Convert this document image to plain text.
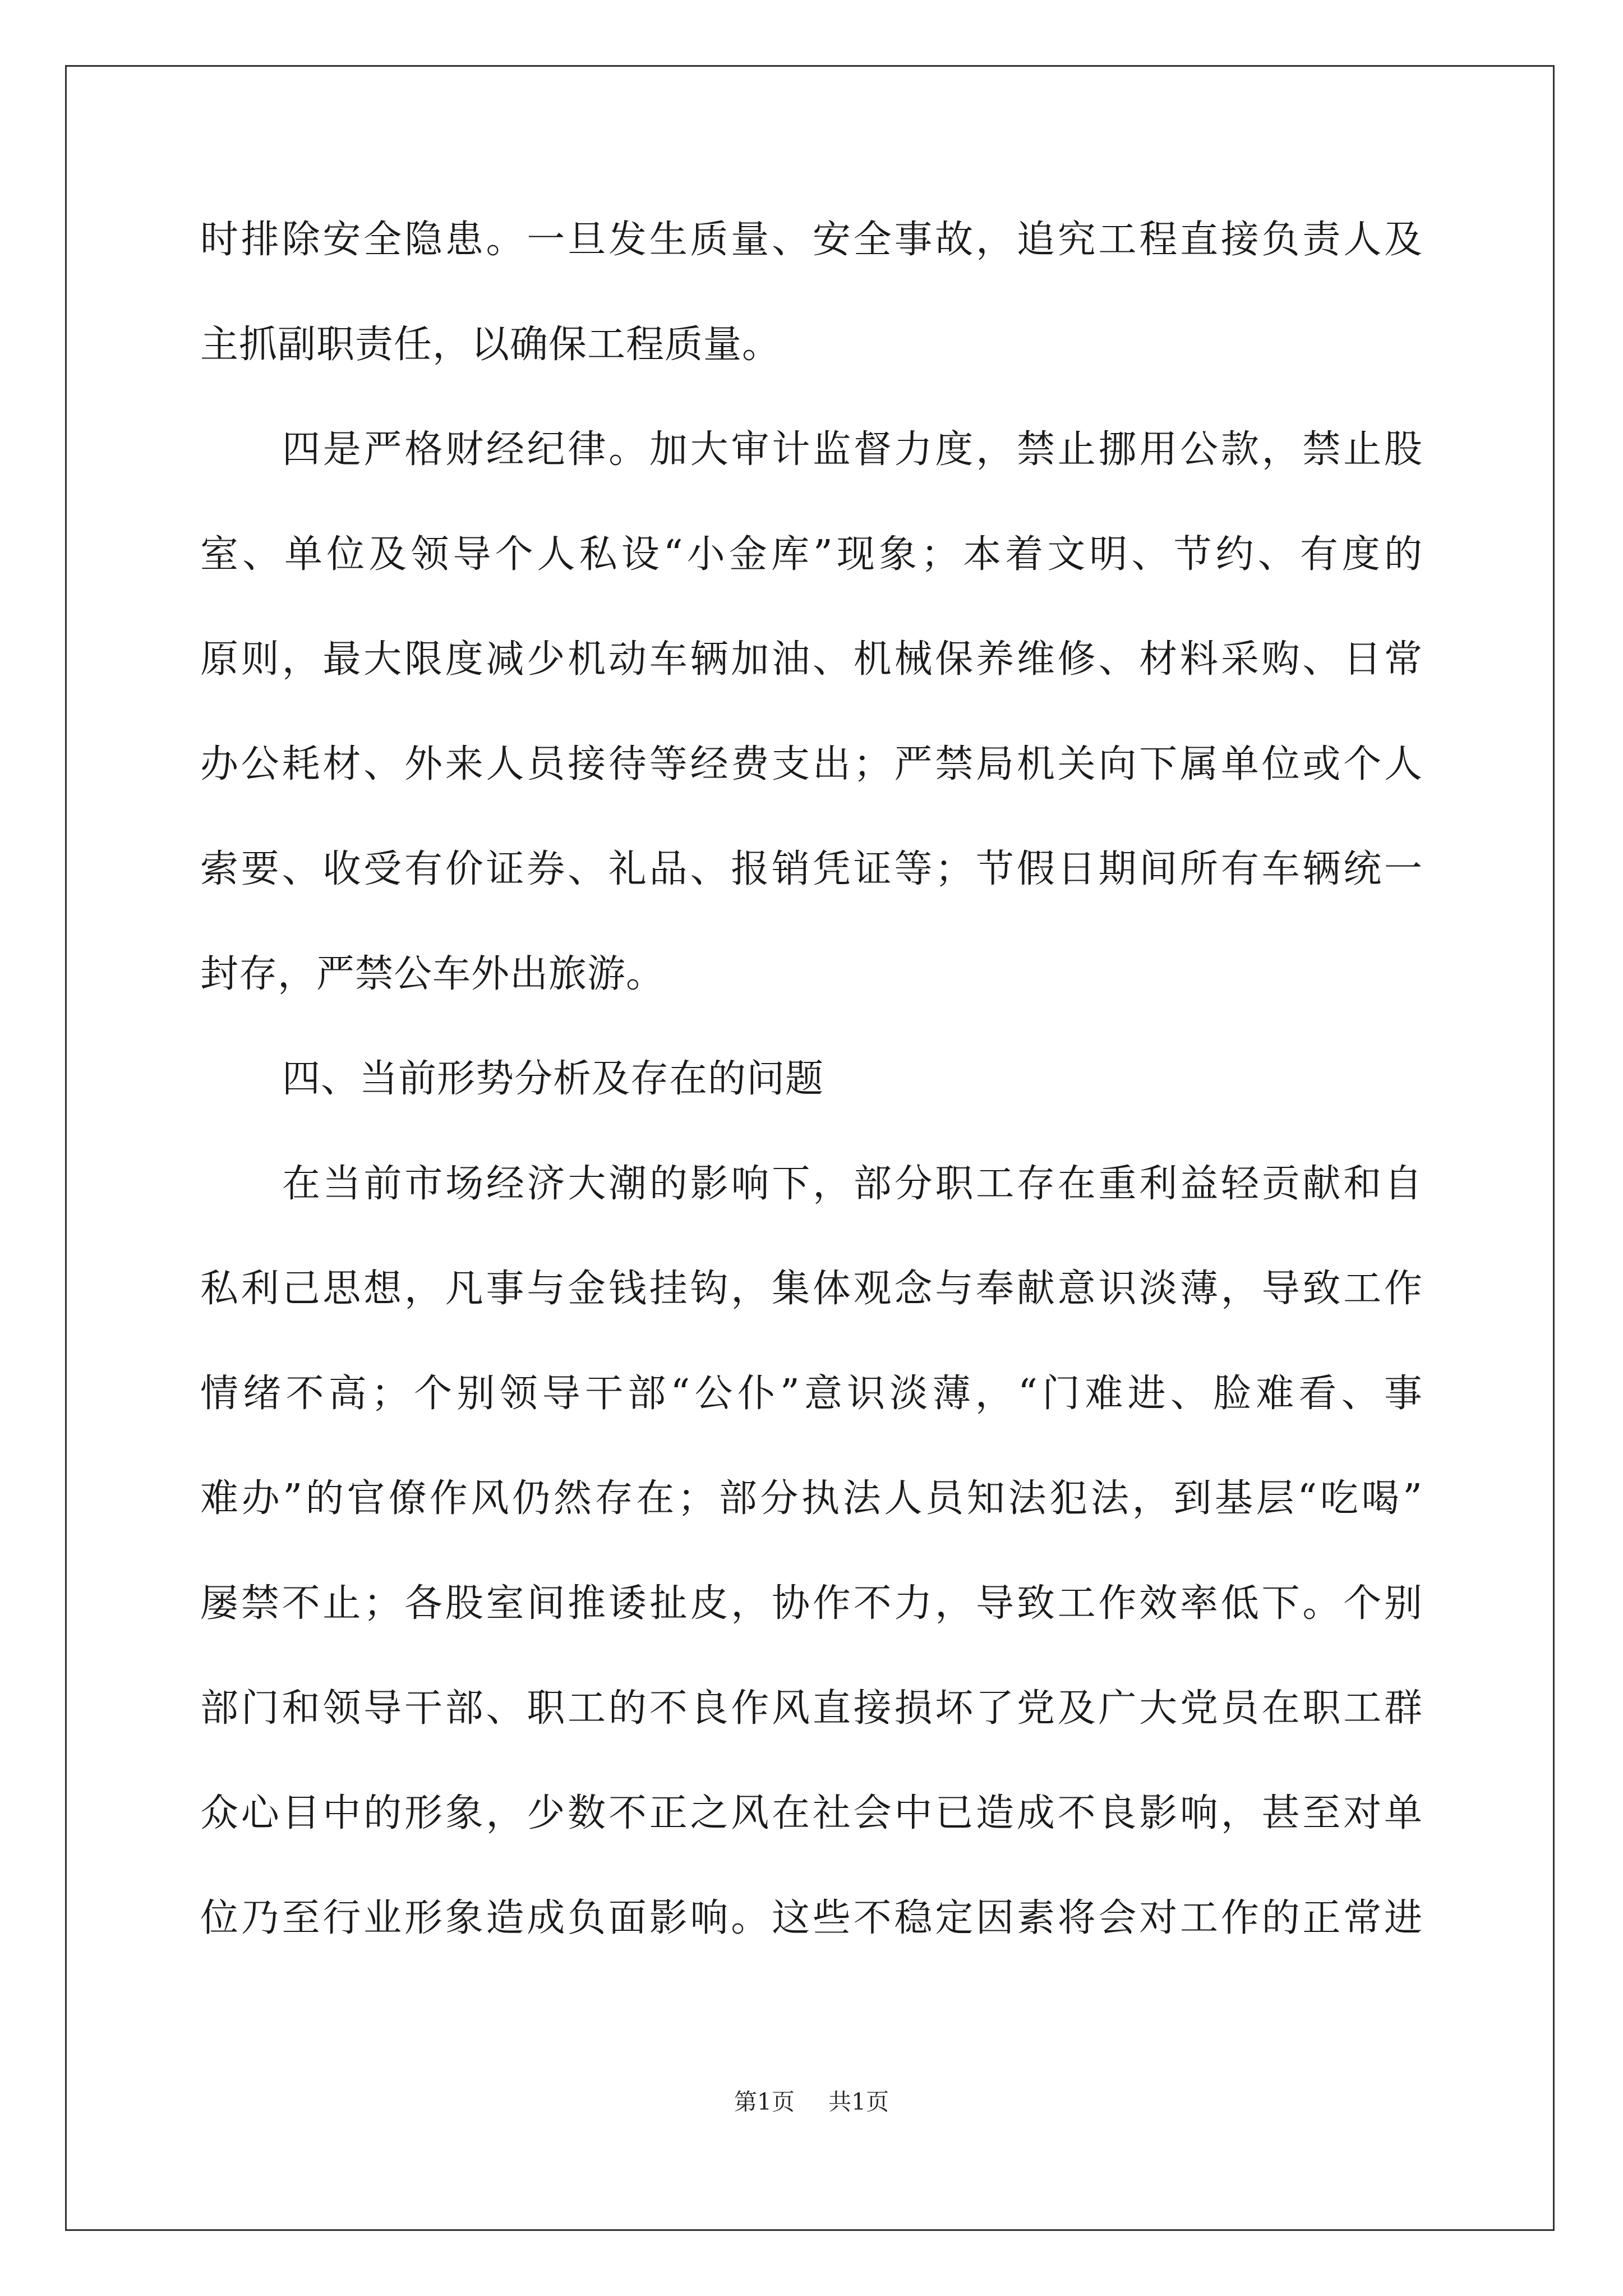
时排除安全隐患。一旦发生质量、安全事故，追究工程直接负责人及
主抓副职责任，以确保工程质量。
四是严格财经纪律。加大审计监督力度，禁止挪用公款，禁止股
室、单位及领导个人私设“小金库”现象；本着文明、节约、有度的
原则，最大限度减少机动车辆加油、机械保养维修、材料采购、日常
办公耗材、外来人员接待等经费支出；严禁局机关向下属单位或个人
索要、收受有价证券、礼品、报销凭证等；节假日期间所有车辆统一
封存，严禁公车外出旅游。
四、当前形势分析及存在的问题
在当前市场经济大潮的影响下，部分职工存在重利益轻贡献和自
私利己思想，凡事与金钱挂钩，集体观念与奉献意识淡薄，导致工作
情绪不高；个别领导干部“公仆”意识淡薄，“门难进、脸难看、事
难办”的官僚作风仍然存在；部分执法人员知法犯法，到基层“吃喝”
屡禁不止；各股室间推诿扯皮，协作不力，导致工作效率低下。个别
部门和领导干部、职工的不良作风直接损坏了党及广大党员在职工群
众心目中的形象，少数不正之风在社会中已造成不良影响，甚至对单
位乃至行业形象造成负面影响。这些不稳定因素将会对工作的正常进
第1页 共1页
